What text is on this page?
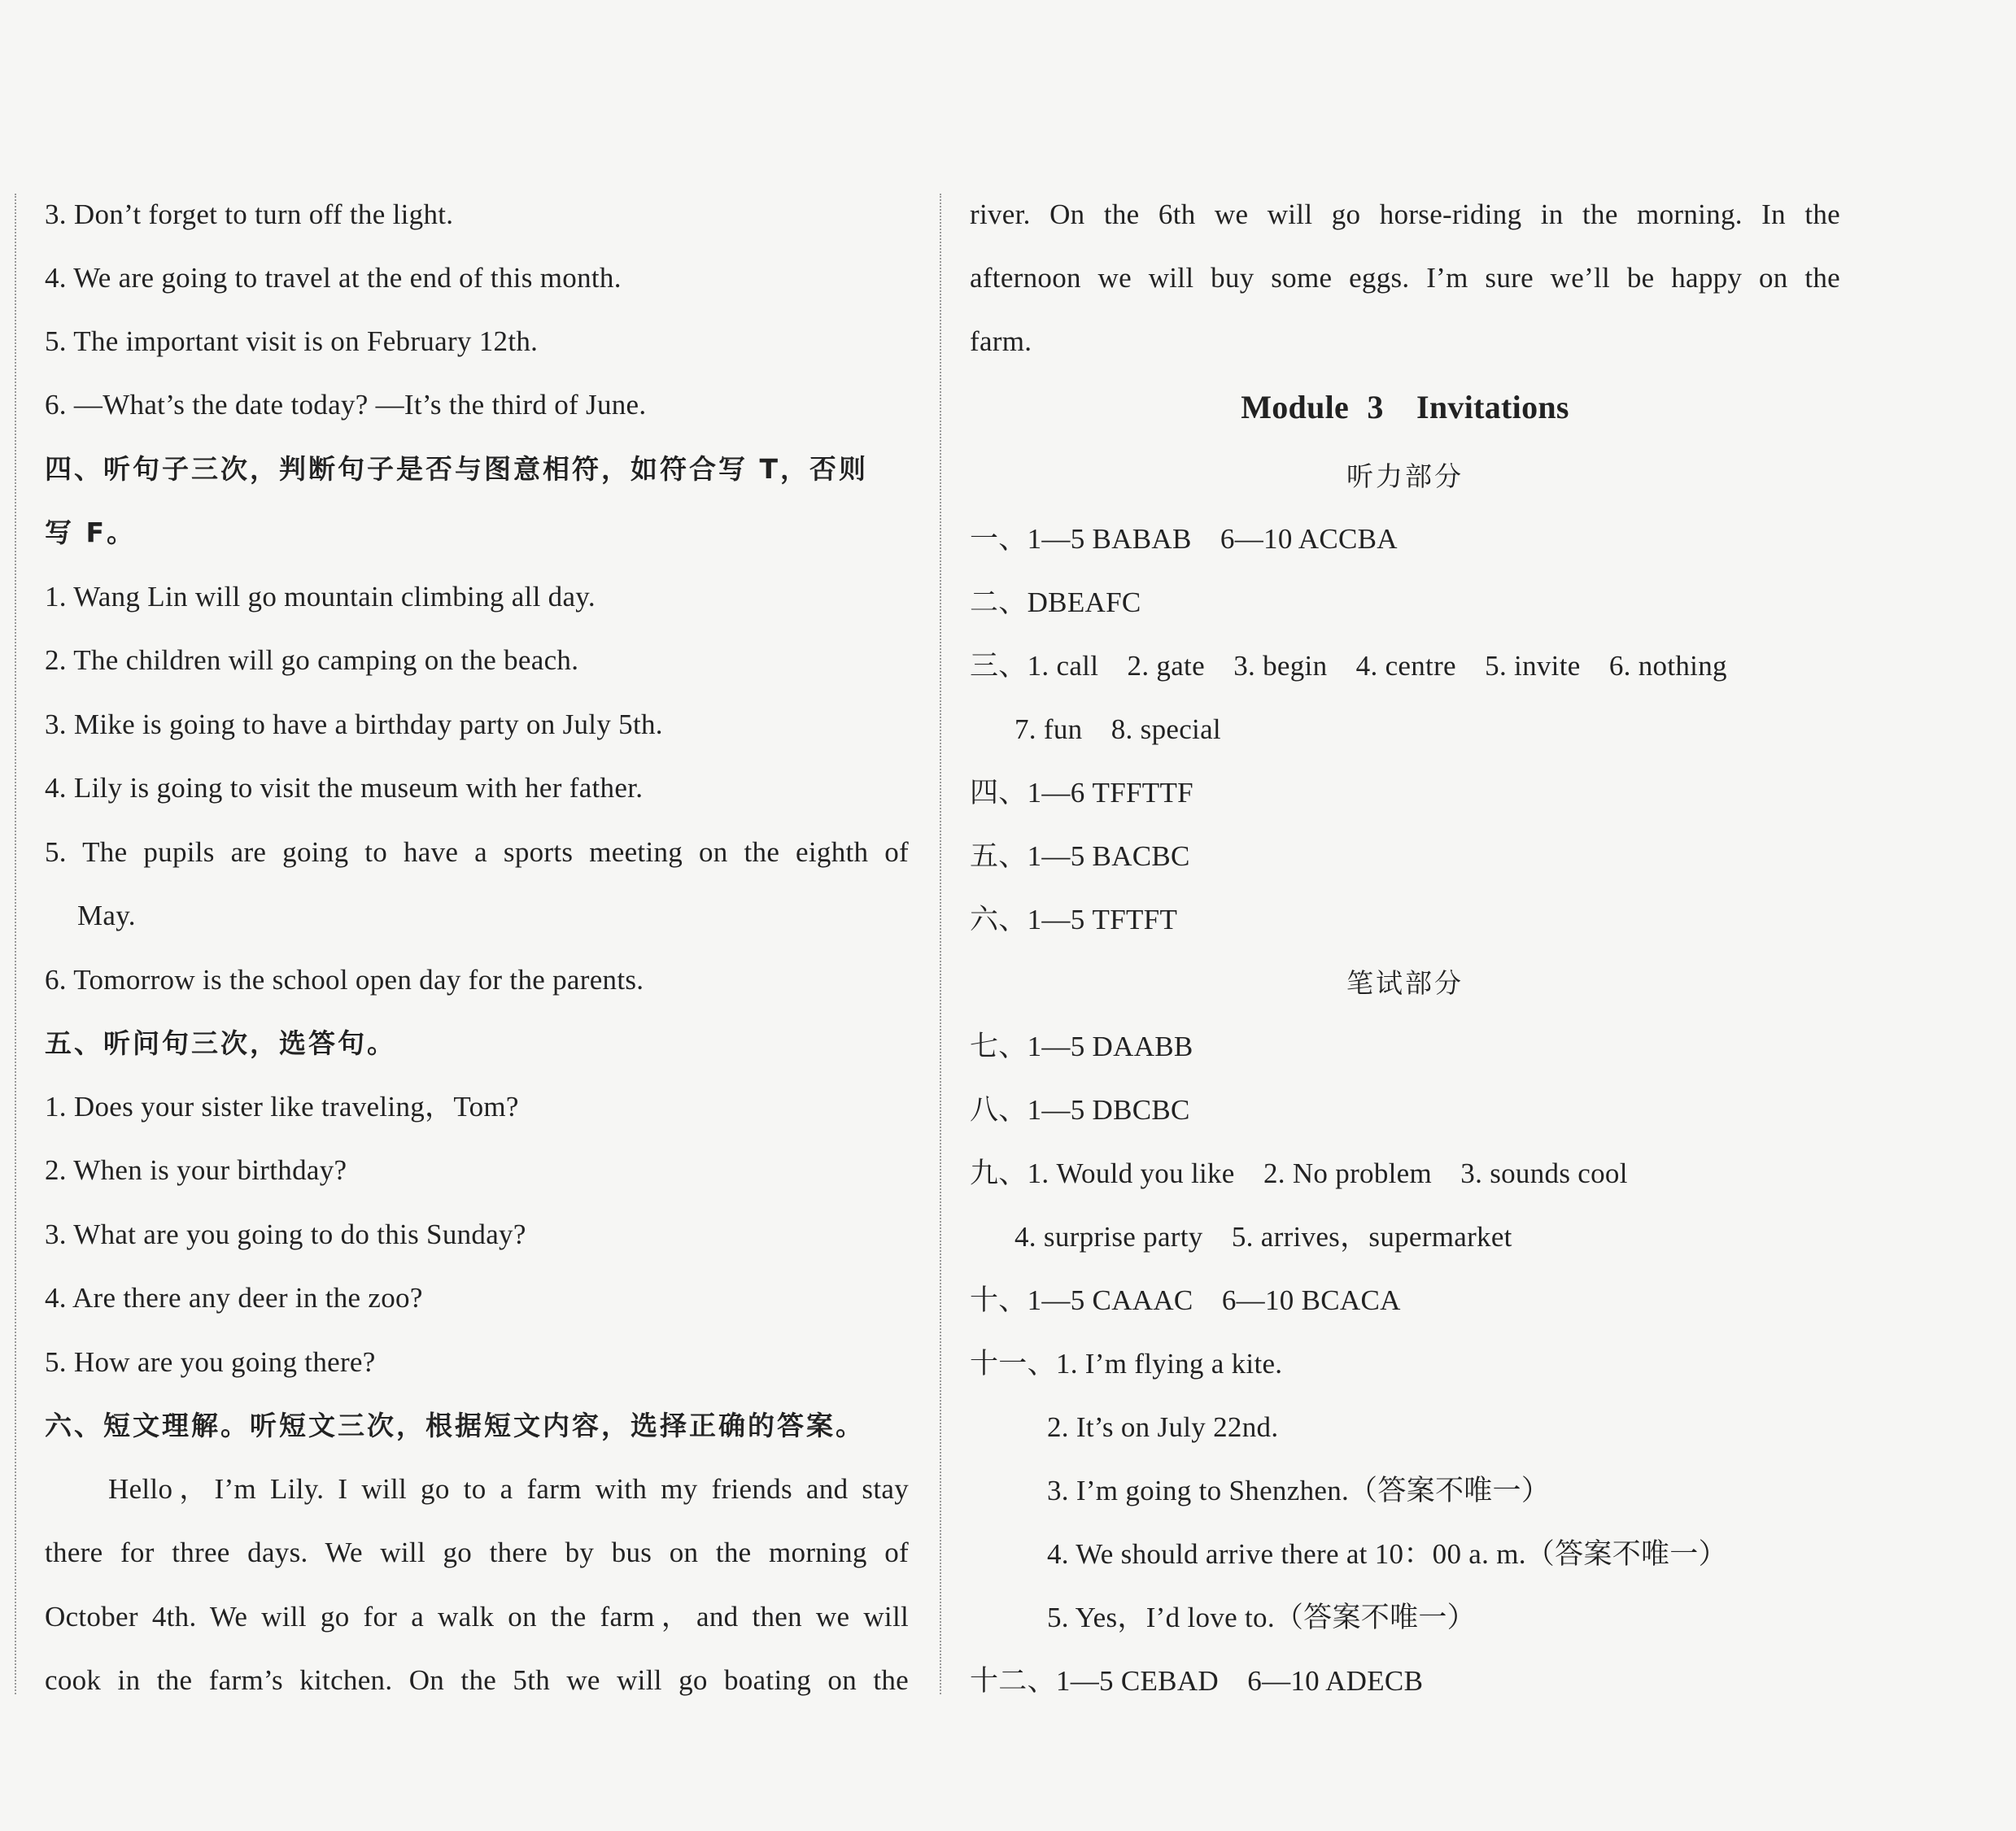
3. Don’t forget to turn off the light.
4. We are going to travel at the end of this month.
5. The important visit is on February 12th.
6. —What’s the date today? —It’s the third of June.
四、听句子三次，判断句子是否与图意相符，如符合写 T，否则
写 F。
1. Wang Lin will go mountain climbing all day.
2. The children will go camping on the beach.
3. Mike is going to have a birthday party on July 5th.
4. Lily is going to visit the museum with her father.
5. The pupils are going to have a sports meeting on the eighth of
May.
6. Tomorrow is the school open day for the parents.
五、听问句三次，选答句。
1. Does your sister like traveling，Tom?
2. When is your birthday?
3. What are you going to do this Sunday?
4. Are there any deer in the zoo?
5. How are you going there?
六、短文理解。听短文三次，根据短文内容，选择正确的答案。
Hello，I’m Lily. I will go to a farm with my friends and stay
there for three days. We will go there by bus on the morning of
October 4th. We will go for a walk on the farm，and then we will
cook in the farm’s kitchen. On the 5th we will go boating on the
river. On the 6th we will go horse-riding in the morning. In the
afternoon we will buy some eggs. I’m sure we’ll be happy on the
farm.
Module 3　Invitations
听力部分
一、1—5 BABAB　6—10 ACCBA
二、DBEAFC
三、1. call　2. gate　3. begin　4. centre　5. invite　6. nothing
7. fun　8. special
四、1—6 TFFTTF
五、1—5 BACBC
六、1—5 TFTFT
笔试部分
七、1—5 DAABB
八、1—5 DBCBC
九、1. Would you like　2. No problem　3. sounds cool
4. surprise party　5. arrives，supermarket
十、1—5 CAAAC　6—10 BCACA
十一、1. I’m flying a kite.
2. It’s on July 22nd.
3. I’m going to Shenzhen.（答案不唯一）
4. We should arrive there at 10：00 a. m.（答案不唯一）
5. Yes，I’d love to.（答案不唯一）
十二、1—5 CEBAD　6—10 ADECB
